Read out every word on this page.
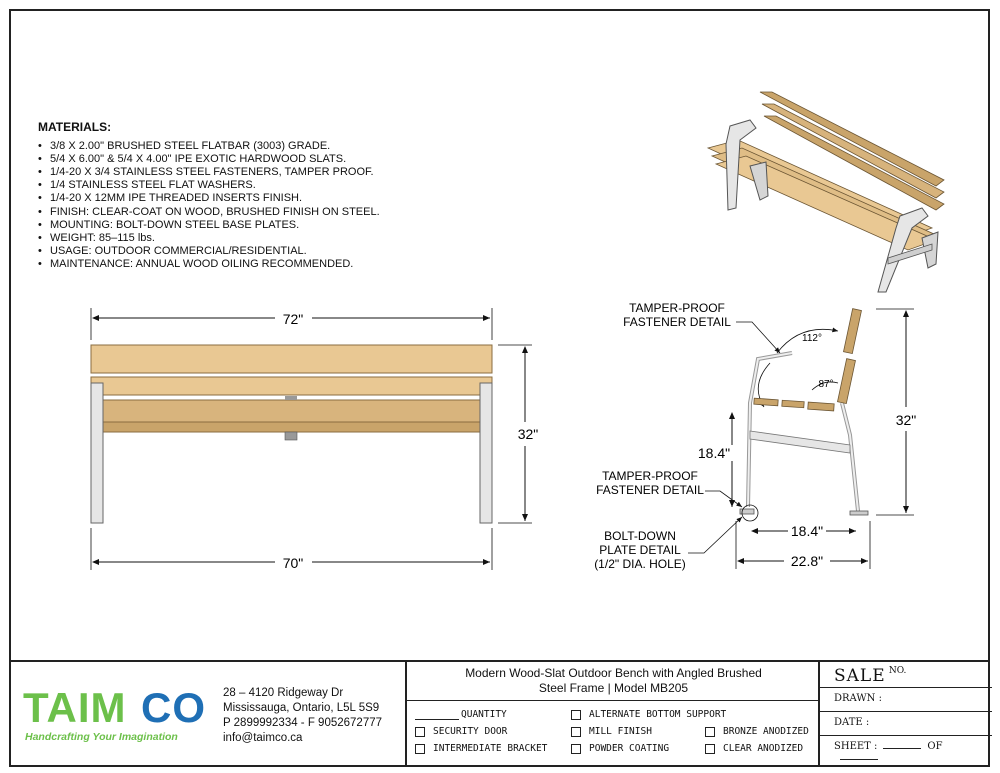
MATERIALS:
• 3/8 X 2.00" BRUSHED STEEL FLATBAR (3003) GRADE.
• 5/4 X 6.00" & 5/4 X 4.00" IPE EXOTIC HARDWOOD SLATS.
• 1/4-20 X 3/4 STAINLESS STEEL FASTENERS, TAMPER PROOF.
• 1/4 STAINLESS STEEL FLAT WASHERS.
• 1/4-20 X 12MM IPE THREADED INSERTS FINISH.
• FINISH: CLEAR-COAT ON WOOD, BRUSHED FINISH ON STEEL.
• MOUNTING: BOLT-DOWN STEEL BASE PLATES.
• WEIGHT: 85–115 lbs.
• USAGE: OUTDOOR COMMERCIAL/RESIDENTIAL.
• MAINTENANCE: ANNUAL WOOD OILING RECOMMENDED.
72"
32"
70"
TAMPER-PROOF
FASTENER DETAIL
112°
87°
18.4"
32"
TAMPER-PROOF
FASTENER DETAIL
BOLT-DOWN
PLATE DETAIL
(1/2" DIA. HOLE)
18.4"
22.8"
TAIM CO
Handcrafting Your Imagination
28 – 4120 Ridgeway Dr
Mississauga, Ontario, L5L 5S9
P 2899992334 - F 9052672777
info@taimco.ca
Modern Wood-Slat Outdoor Bench with Angled Brushed
Steel Frame | Model MB205
QUANTITY	ALTERNATE BOTTOM SUPPORT
SECURITY DOOR	MILL FINISH	BRONZE ANODIZED
INTERMEDIATE BRACKET	POWDER COATING	CLEAR ANODIZED
SALE NO.
DRAWN :
DATE :
SHEET :	OF
